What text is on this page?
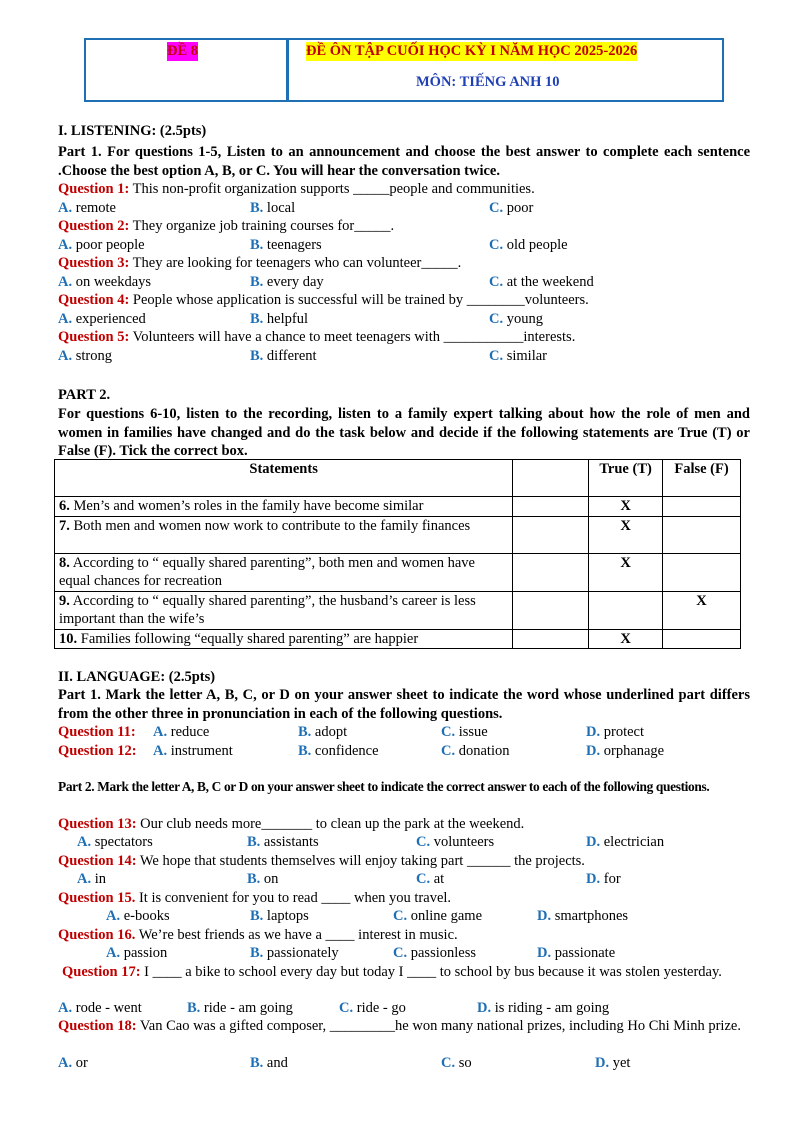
ĐỀ 8	ĐỀ ÔN TẬP CUỐI HỌC KỲ I NĂM HỌC 2025-2026
MÔN: TIẾNG ANH 10
I. LISTENING: (2.5pts)
Part 1. For questions 1-5, Listen to an announcement and choose the best answer to complete each sentence .Choose the best option A, B, or C. You will hear the conversation twice.
Question 1: This non-profit organization supports _____people and communities.
A. remote	B. local	C. poor
Question 2: They organize job training courses for_____.
A. poor people	B. teenagers	C. old people
Question 3: They are looking for teenagers who can volunteer_____.
A. on weekdays	B. every day	C. at the weekend
Question 4: People whose application is successful will be trained by ________volunteers.
A. experienced	B. helpful	C. young
Question 5: Volunteers will have a chance to meet teenagers with ___________interests.
A. strong	B. different	C. similar
PART 2.
For questions 6-10, listen to the recording, listen to a family expert talking about how the role of men and women in families have changed and do the task below and decide if the following statements are True (T) or False (F). Tick the correct box.
Statements		True (T)	False (F)
6. Men’s and women’s roles in the family have become similar		X	
7. Both men and women now work to contribute to the family finances		X	
8. According to “ equally shared parenting”, both men and women have equal chances for recreation		X	
9. According to “ equally shared parenting”, the husband’s career is less important than the wife’s			X
10. Families following “equally shared parenting” are happier		X	
II. LANGUAGE: (2.5pts)
Part 1. Mark the letter A, B, C, or D on your answer sheet to indicate the word whose underlined part differs from the other three in pronunciation in each of the following questions.
Question 11: A. reduce	B. adopt	C. issue	D. protect
Question 12: A. instrument	B. confidence	C. donation	D. orphanage
Part 2. Mark the letter A, B, C or D on your answer sheet to indicate the correct answer to each of the following questions.
Question 13: Our club needs more_______ to clean up the park at the weekend.
A. spectators	B. assistants	C. volunteers	D. electrician
Question 14: We hope that students themselves will enjoy taking part ______ the projects.
A. in	B. on	C. at	D. for
Question 15. It is convenient for you to read ____ when you travel.
A. e-books	B. laptops	C. online game	D. smartphones
Question 16. We’re best friends as we have a ____ interest in music.
A. passion	B. passionately	C. passionless	D. passionate
Question 17: I ____ a bike to school every day but today I ____ to school by bus because it was stolen yesterday.
A. rode - went	B. ride - am going	C. ride - go	D. is riding - am going
Question 18: Van Cao was a gifted composer, _________he won many national prizes, including Ho Chi Minh prize.
A. or	B. and	C. so	D. yet
